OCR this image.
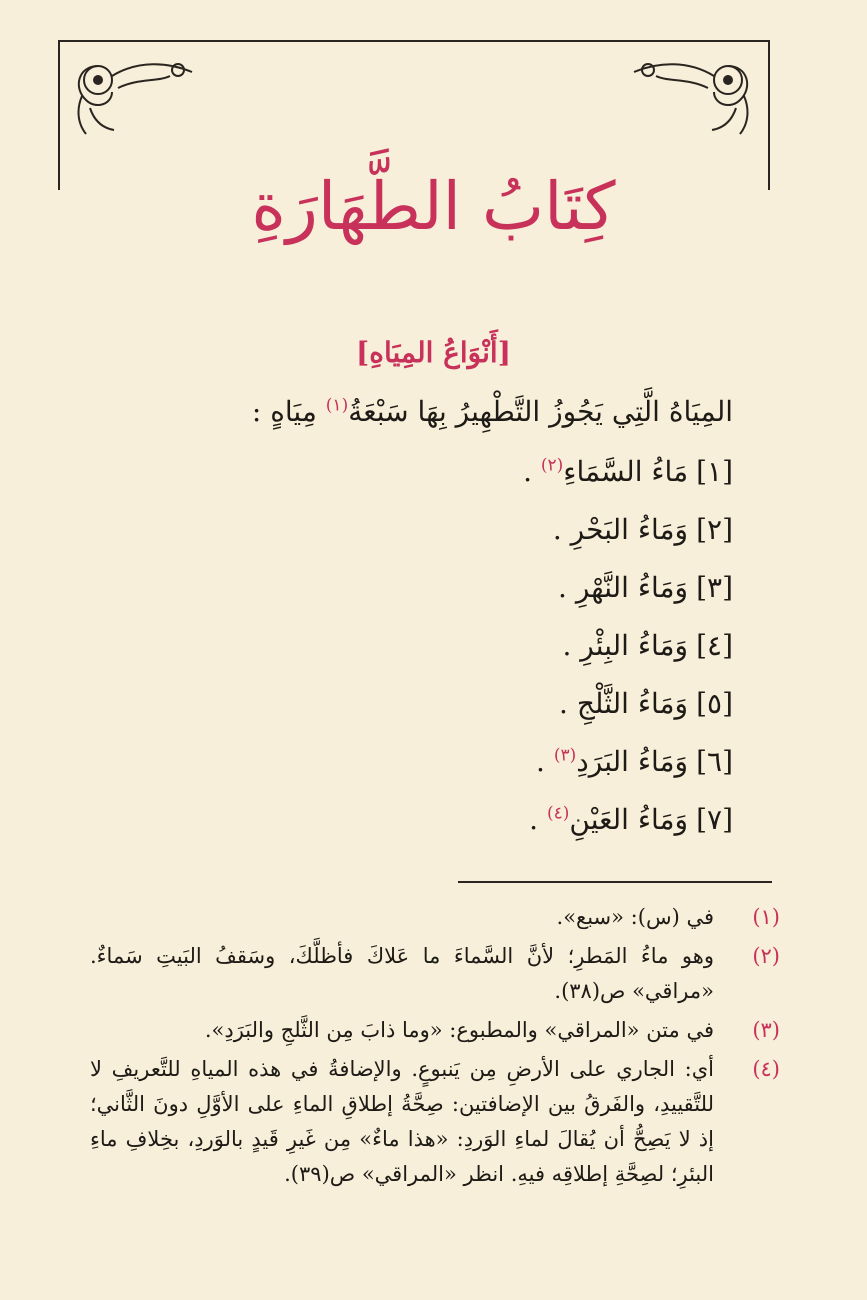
كِتَابُ الطَّهَارَةِ
[أَنْوَاعُ المِيَاهِ]
المِيَاهُ الَّتِي يَجُوزُ التَّطْهِيرُ بِهَا سَبْعَةُ$^{(١)}$ مِيَاهٍ :
[١]مَاءُ السَّمَاءِ$^{(٢)}$ .
[٢]وَمَاءُ البَحْرِ .
[٣]وَمَاءُ النَّهْرِ .
[٤]وَمَاءُ البِئْرِ .
[٥]وَمَاءُ الثَّلْجِ .
[٦]وَمَاءُ البَرَدِ$^{(٣)}$ .
[٧]وَمَاءُ العَيْنِ$^{(٤)}$ .
(١)
في (س): «سبع».
(٢)
وهو ماءُ المَطرِ؛ لأنَّ السَّماءَ ما عَلاكَ فأظلَّكَ، وسَقفُ البَيتِ سَماءٌ. «مراقي» ص(٣٨).
(٣)
في متن «المراقي» والمطبوع: «وما ذابَ مِن الثَّلجِ والبَرَدِ».
(٤)
أي: الجاري على الأرضِ مِن يَنبوعٍ. والإضافةُ في هذه المياهِ للتَّعريفِ لا للتَّقييدِ، والفَرقُ بين الإضافتين: صِحَّةُ إطلاقِ الماءِ على الأوَّلِ دونَ الثَّاني؛ إذ لا يَصِحُّ أن يُقالَ لماءِ الوَردِ: «هذا ماءٌ» مِن غَيرِ قَيدٍ بالوَردِ، بخِلافِ ماءِ البئرِ؛ لصِحَّةِ إطلاقِه فيهِ. انظر «المراقي» ص(٣٩).
